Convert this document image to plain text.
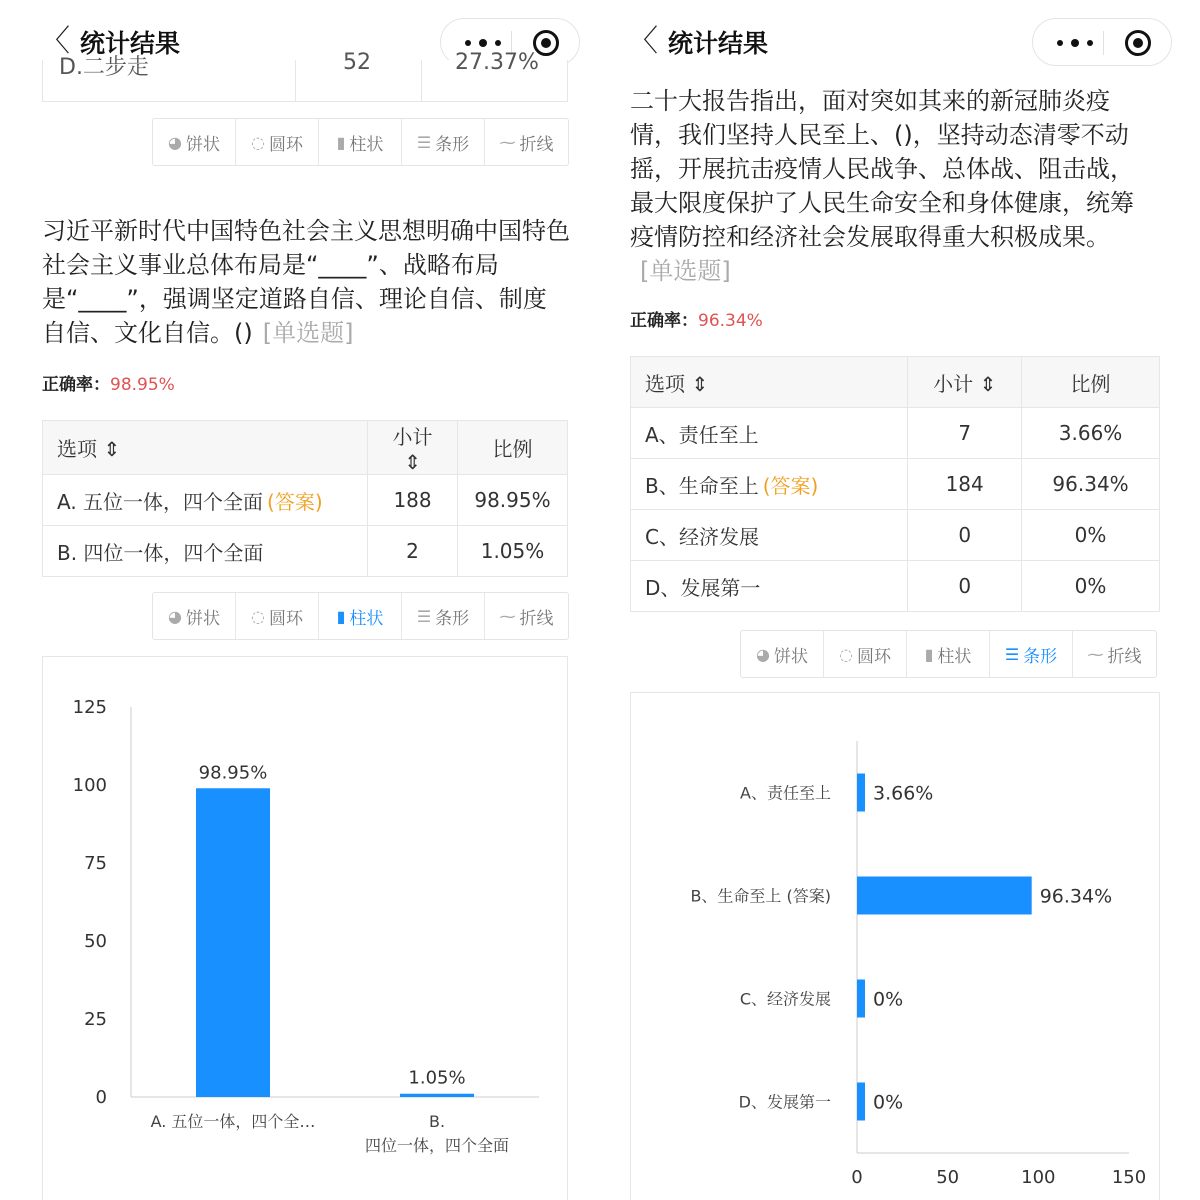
〈 统计结果
D.二步走	52	27.37%
◕ 饼状 ◌ 圆环 ▮ 柱状 ☰ 条形 ⁓ 折线
习近平新时代中国特色社会主义思想明确中国特色社会主义事业总体布局是“____”、战略布局是“____”，强调坚定道路自信、理论自信、制度自信、文化自信。() [单选题]
正确率：98.95%
选项 ⇕	小计 ⇕	比例
A. 五位一体，四个全面 (答案)	188	98.95%
B. 四位一体，四个全面	2	1.05%
◕ 饼状 ◌ 圆环 ▮ 柱状 ☰ 条形 ⁓ 折线
0
25
50
75
100
125
98.95%
A. 五位一体，四个全…
1.05%
B.
四位一体，四个全面
〈 统计结果
二十大报告指出，面对突如其来的新冠肺炎疫情，我们坚持人民至上、()，坚持动态清零不动摇，开展抗击疫情人民战争、总体战、阻击战，最大限度保护了人民生命安全和身体健康，统筹疫情防控和经济社会发展取得重大积极成果。[单选题]
正确率：96.34%
选项 ⇕	小计 ⇕	比例
A、责任至上	7	3.66%
B、生命至上 (答案)	184	96.34%
C、经济发展	0	0%
D、发展第一	0	0%
◕ 饼状 ◌ 圆环 ▮ 柱状 ☰ 条形 ⁓ 折线
3.66%
A、责任至上
96.34%
B、生命至上 (答案)
0%
C、经济发展
0%
D、发展第一
0	50	100	150
